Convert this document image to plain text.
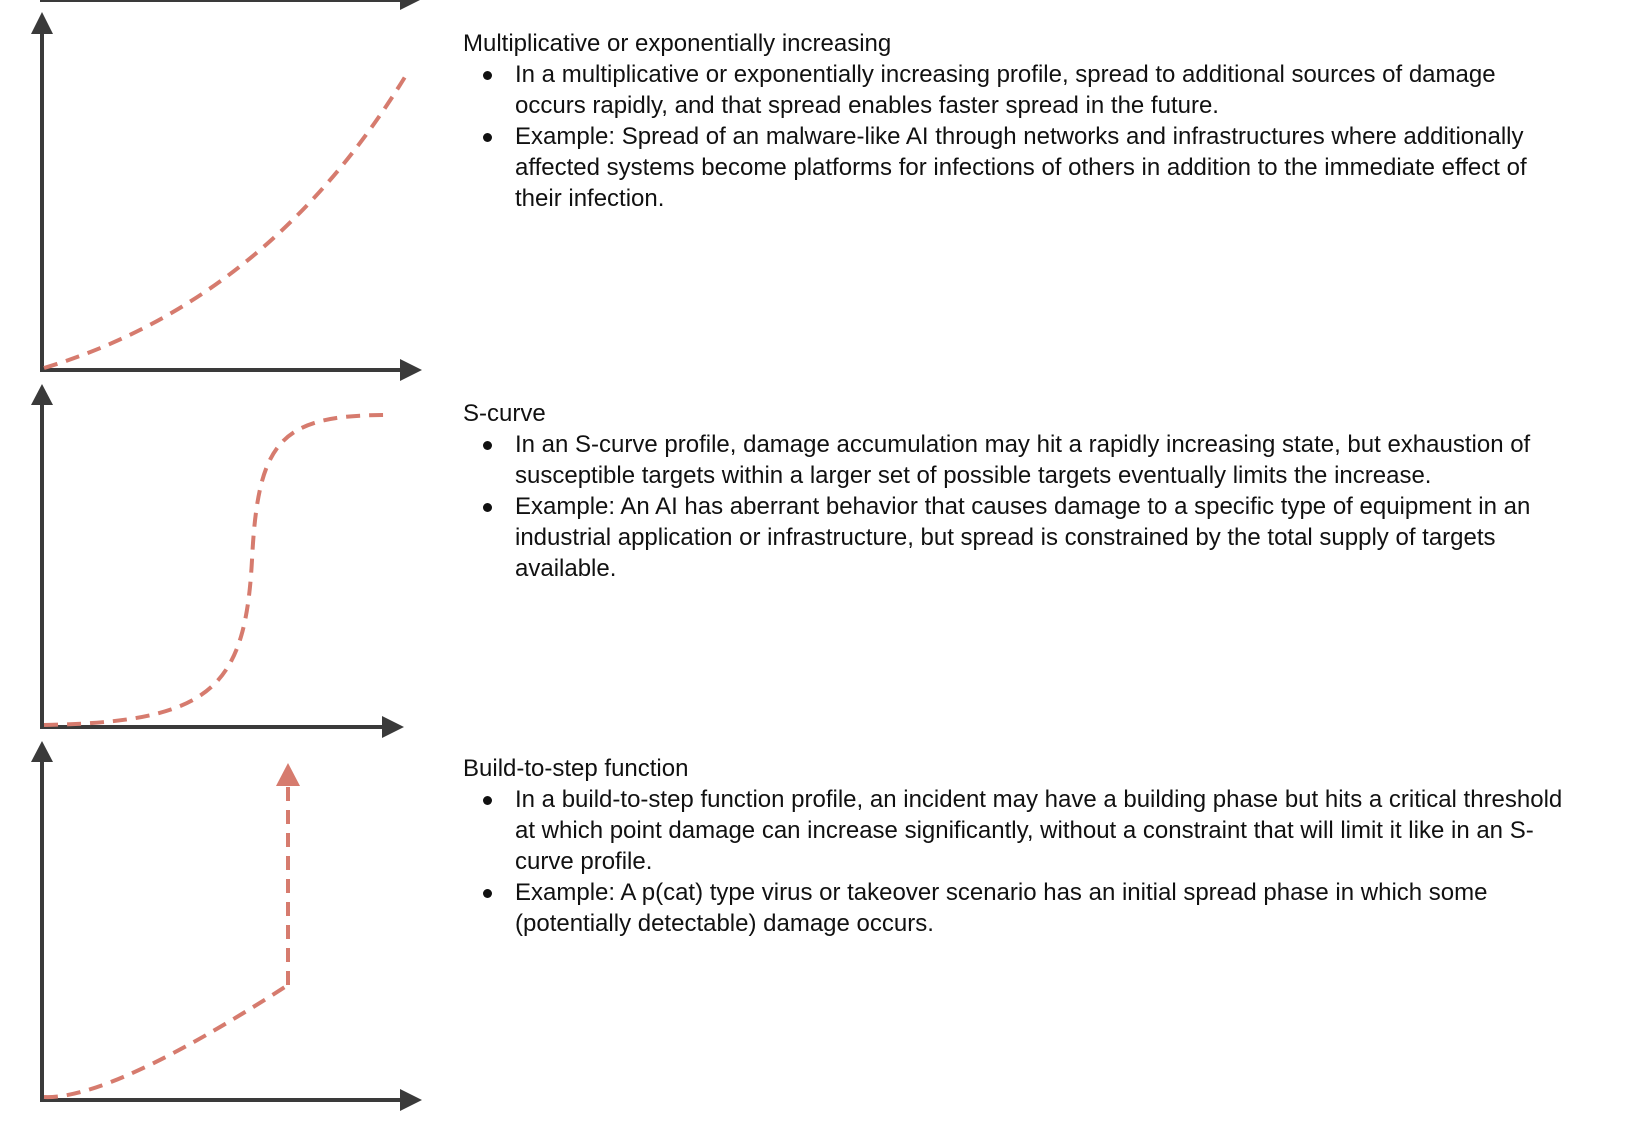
Multiplicative or exponentially increasing

In a multiplicative or exponentially increasing profile, spread to additional sources of damage occurs rapidly, and that spread enables faster spread in the future.
Example: Spread of an malware-like AI through networks and infrastructures where additionally affected systems become platforms for infections of others in addition to the immediate effect of their infection.

S-curve

In an S-curve profile, damage accumulation may hit a rapidly increasing state, but exhaustion of susceptible targets within a larger set of possible targets eventually limits the increase.
Example: An AI has aberrant behavior that causes damage to a specific type of equipment in an industrial application or infrastructure, but spread is constrained by the total supply of targets available.

Build-to-step function

In a build-to-step function profile, an incident may have a building phase but hits a critical threshold at which point damage can increase significantly, without a constraint that will limit it like in an S-curve profile.
Example: A p(cat) type virus or takeover scenario has an initial spread phase in which some (potentially detectable) damage occurs.
